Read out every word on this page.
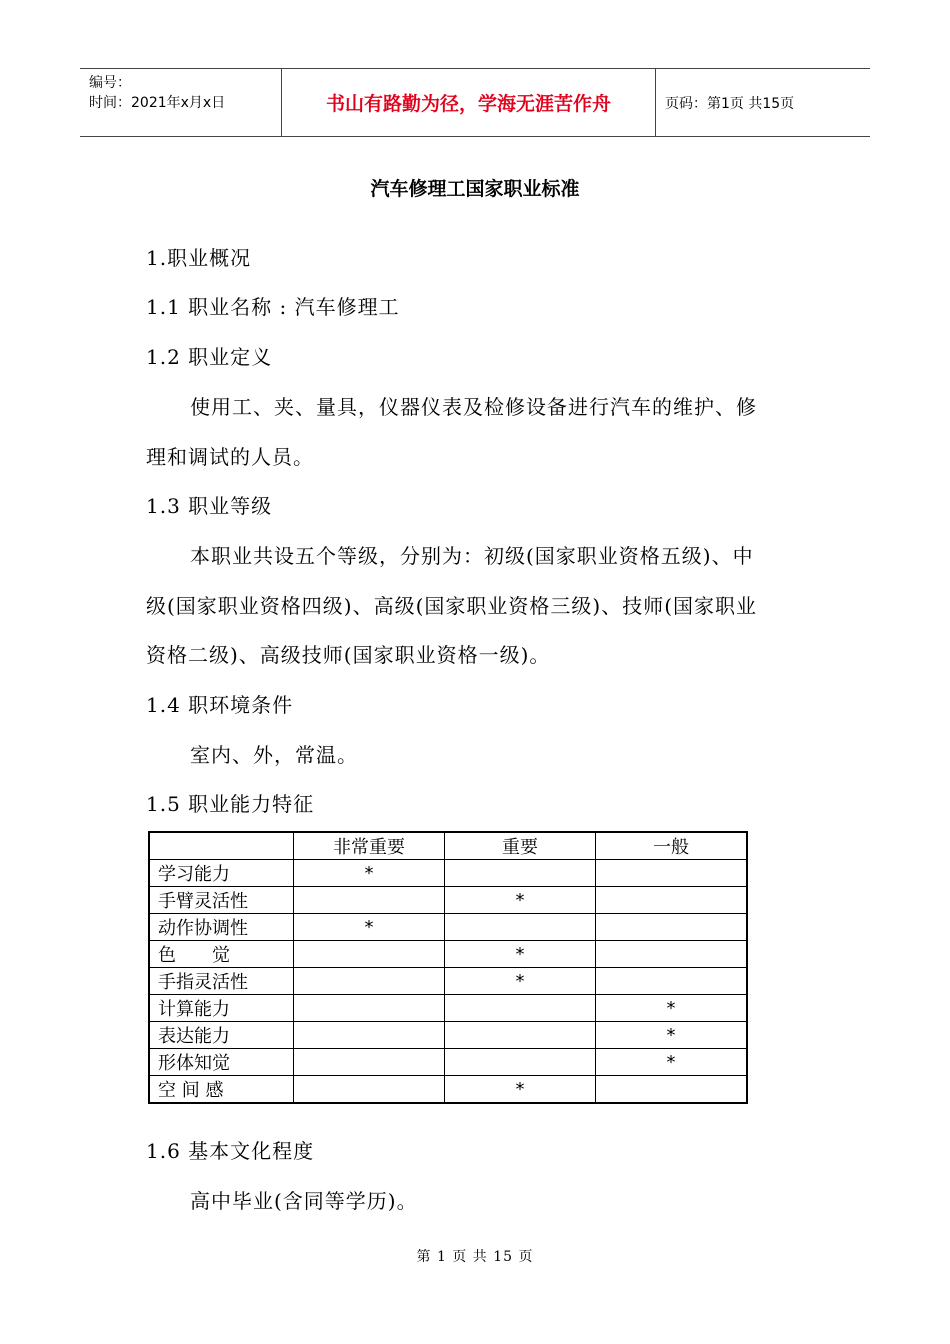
编号：
时间：2021年x月x日	书山有路勤为径，学海无涯苦作舟	页码：第1页 共15页
汽车修理工国家职业标准
1.职业概况
1.1 职业名称 : 汽车修理工
1.2 职业定义
使用工、夹、量具，仪器仪表及检修设备进行汽车的维护、修
理和调试的人员。
1.3 职业等级
本职业共设五个等级，分别为：初级(国家职业资格五级)、中
级(国家职业资格四级)、高级(国家职业资格三级)、技师(国家职业
资格二级)、高级技师(国家职业资格一级)。
1.4 职环境条件
室内、外，常温。
1.5 职业能力特征
	非常重要	重要	一般
学习能力	*		
手臂灵活性		*	
动作协调性	*		
色　　觉		*	
手指灵活性		*	
计算能力			*
表达能力			*
形体知觉			*
空 间 感		*	
1.6 基本文化程度
高中毕业(含同等学历)。
第 1 页 共 15 页
